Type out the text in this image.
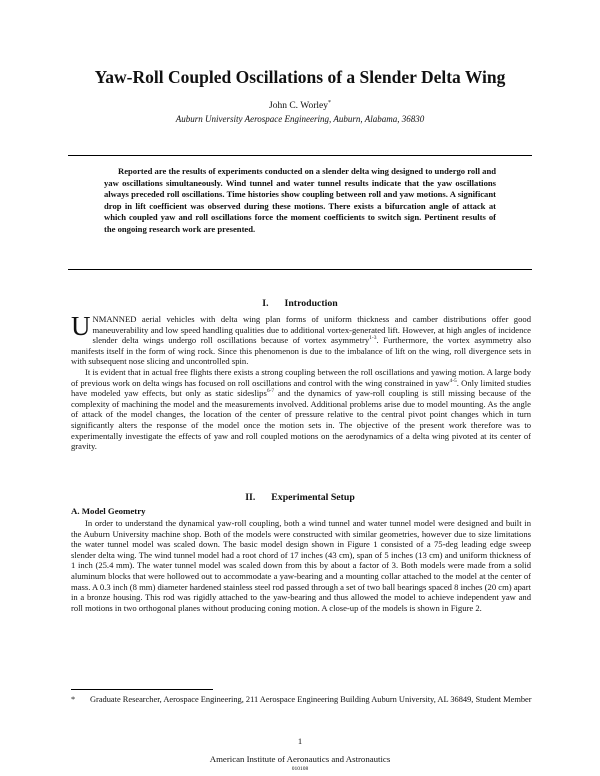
Yaw-Roll Coupled Oscillations of a Slender Delta Wing
John C. Worley*
Auburn University Aerospace Engineering, Auburn, Alabama, 36830
Reported are the results of experiments conducted on a slender delta wing designed to undergo roll and yaw oscillations simultaneously. Wind tunnel and water tunnel results indicate that the yaw oscillations always preceded roll oscillations. Time histories show coupling between roll and yaw motions. A significant drop in lift coefficient was observed during these motions. There exists a bifurcation angle of attack at which coupled yaw and roll oscillations force the moment coefficients to switch sign. Pertinent results of the ongoing research work are presented.
I. Introduction

UNMANNED aerial vehicles with delta wing plan forms of uniform thickness and camber distributions offer good maneuverability and low speed handling qualities due to additional vortex-generated lift. However, at high angles of incidence slender delta wings undergo roll oscillations because of vortex asymmetry$^{1-3}$. Furthermore, the vortex asymmetry also manifests itself in the form of wing rock. Since this phenomenon is due to the imbalance of lift on the wing, roll divergence sets in with subsequent nose slicing and uncontrolled spin.

It is evident that in actual free flights there exists a strong coupling between the roll oscillations and yawing motion. A large body of previous work on delta wings has focused on roll oscillations and control with the wing constrained in yaw$^{4-5}$. Only limited studies have modeled yaw effects, but only as static sideslips$^{6-7}$ and the dynamics of yaw-roll coupling is still missing because of the complexity of machining the model and the measurements involved. Additional problems arise due to model mounting. As the angle of attack of the model changes, the location of the center of pressure relative to the central pivot point changes which in turn significantly alters the response of the model once the motion sets in. The objective of the present work therefore was to experimentally investigate the effects of yaw and roll coupled motions on the aerodynamics of a delta wing pivoted at its center of gravity.

II. Experimental Setup
A. Model Geometry

In order to understand the dynamical yaw-roll coupling, both a wind tunnel and water tunnel model were designed and built in the Auburn University machine shop. Both of the models were constructed with similar geometries, however due to size limitations the water tunnel model was scaled down. The basic model design shown in Figure 1 consisted of a 75-deg leading edge sweep slender delta wing. The wind tunnel model had a root chord of 17 inches (43 cm), span of 5 inches (13 cm) and uniform thickness of 1 inch (25.4 mm). The water tunnel model was scaled down from this by about a factor of 3. Both models were made from a solid aluminum blocks that were hollowed out to accommodate a yaw-bearing and a mounting collar attached to the model at the center of mass. A 0.3 inch (8 mm) diameter hardened stainless steel rod passed through a set of two ball bearings spaced 8 inches (20 cm) apart in a bronze housing. This rod was rigidly attached to the yaw-bearing and thus allowed the model to achieve independent yaw and roll motions in two orthogonal planes without producing coning motion. A close-up of the models is shown in Figure 2.

* Graduate Researcher, Aerospace Engineering, 211 Aerospace Engineering Building Auburn University, AL 36849, Student Member
1
American Institute of Aeronautics and Astronautics
010108
